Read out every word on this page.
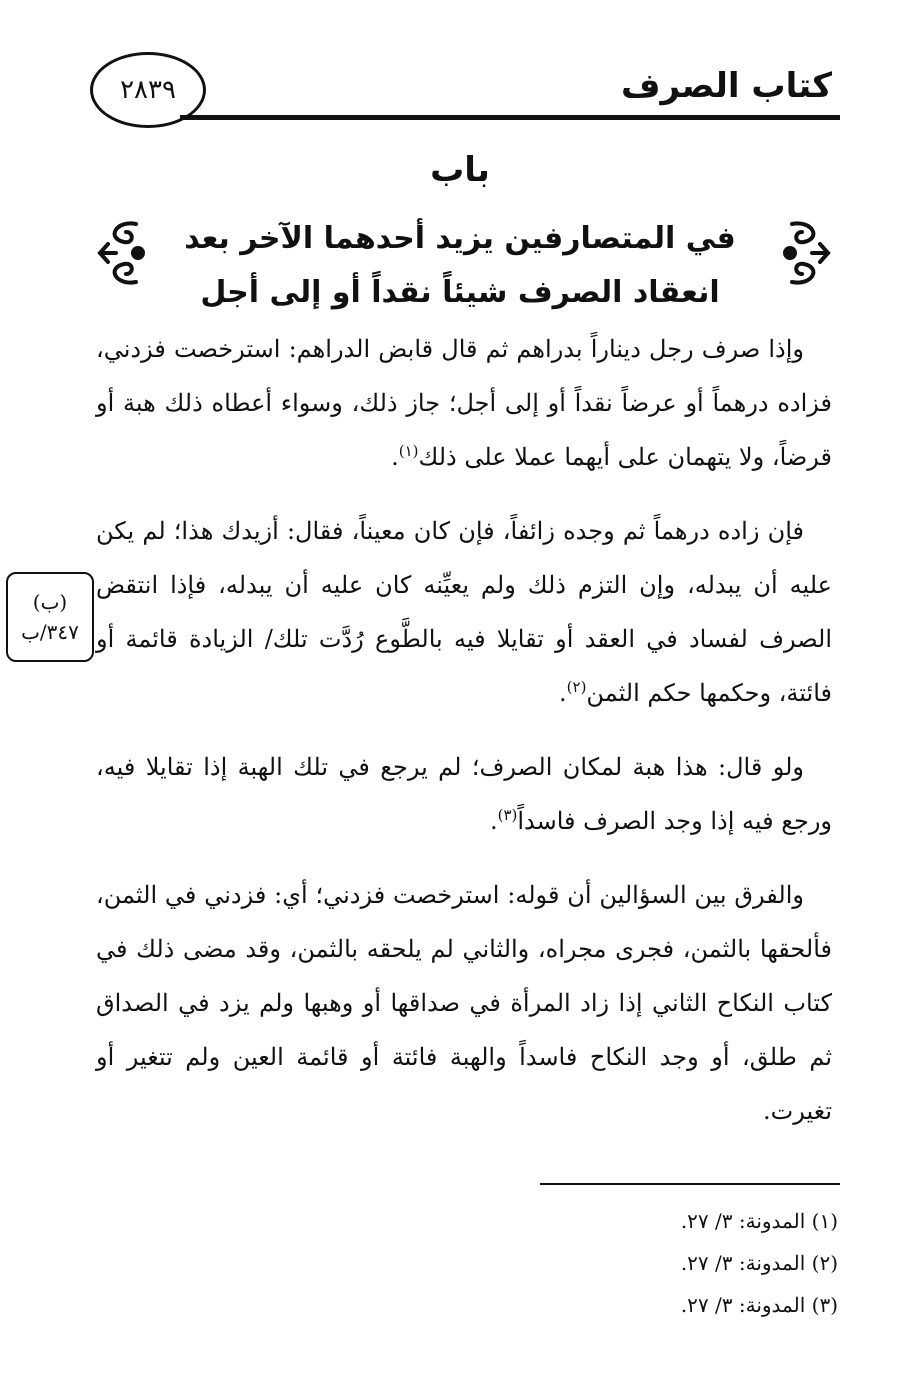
كتاب الصرف
٢٨٣٩
باب
في المتصارفين يزيد أحدهما الآخر بعد
انعقاد الصرف شيئاً نقداً أو إلى أجل

وإذا صرف رجل ديناراً بدراهم ثم قال قابض الدراهم: استرخصت فزدني، فزاده درهماً أو عرضاً نقداً أو إلى أجل؛ جاز ذلك، وسواء أعطاه ذلك هبة أو قرضاً، ولا يتهمان على أيهما عملا على ذلك$^{(١)}$.

فإن زاده درهماً ثم وجده زائفاً، فإن كان معيناً، فقال: أزيدك هذا؛ لم يكن عليه أن يبدله، وإن التزم ذلك ولم يعيِّنه كان عليه أن يبدله، فإذا انتقض الصرف لفساد في العقد أو تقايلا فيه بالطَّوع رُدَّت تلك/ الزيادة قائمة أو فائتة، وحكمها حكم الثمن$^{(٢)}$.

ولو قال: هذا هبة لمكان الصرف؛ لم يرجع في تلك الهبة إذا تقايلا فيه، ورجع فيه إذا وجد الصرف فاسداً$^{(٣)}$.

والفرق بين السؤالين أن قوله: استرخصت فزدني؛ أي: فزدني في الثمن، فألحقها بالثمن، فجرى مجراه، والثاني لم يلحقه بالثمن، وقد مضى ذلك في كتاب النكاح الثاني إذا زاد المرأة في صداقها أو وهبها ولم يزد في الصداق ثم طلق، أو وجد النكاح فاسداً والهبة فائتة أو قائمة العين ولم تتغير أو تغيرت.

(ب)
٣٤٧/ب
(١) المدونة: ٣/ ٢٧.
(٢) المدونة: ٣/ ٢٧.
(٣) المدونة: ٣/ ٢٧.
